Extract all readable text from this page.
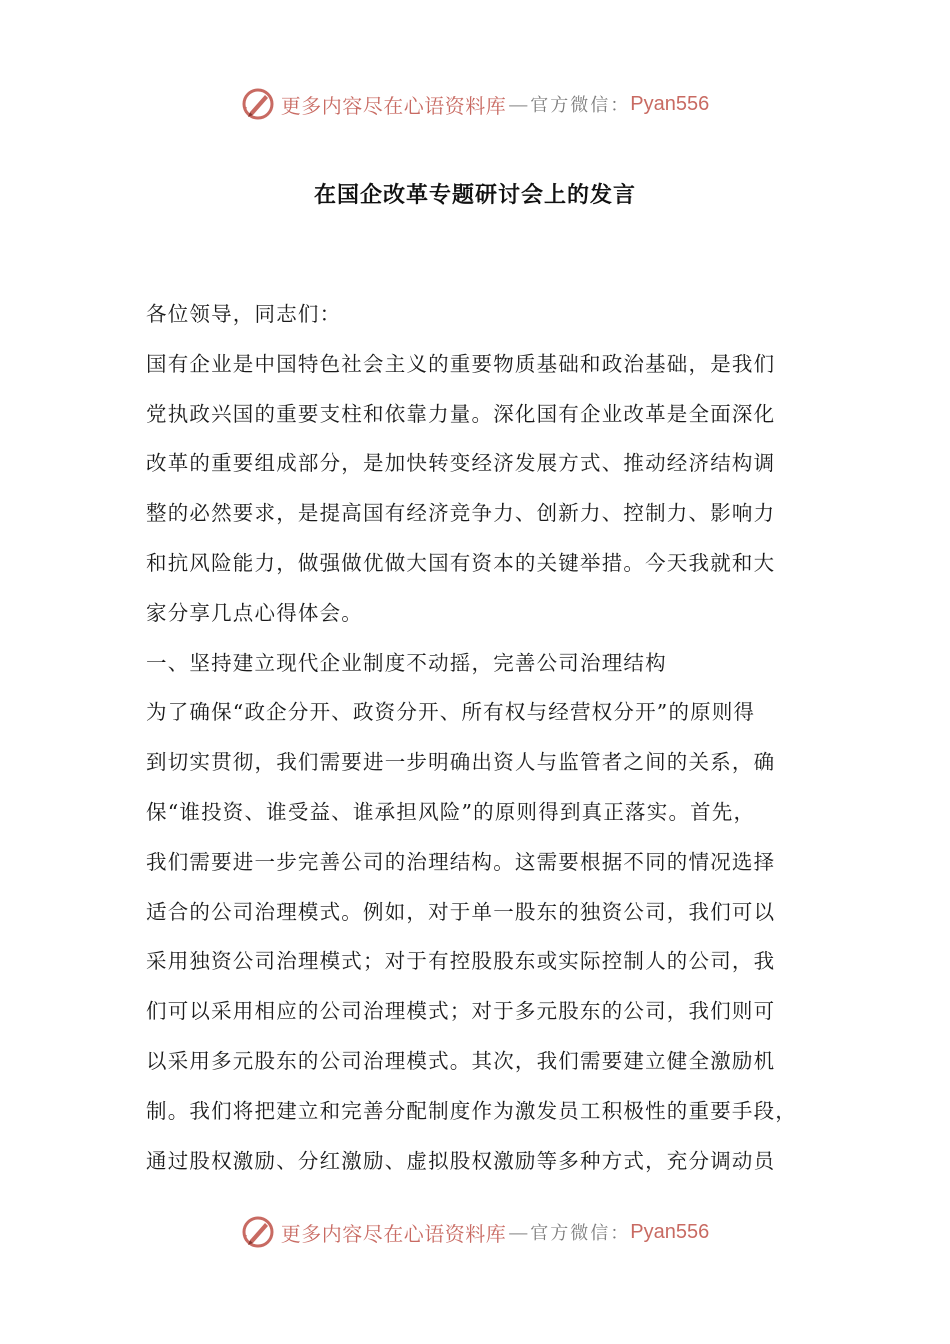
更多内容尽在心语资料库 — 官方微信： Pyan556
在国企改革专题研讨会上的发言
各位领导，同志们：
国有企业是中国特色社会主义的重要物质基础和政治基础，是我们
党执政兴国的重要支柱和依靠力量。深化国有企业改革是全面深化
改革的重要组成部分，是加快转变经济发展方式、推动经济结构调
整的必然要求，是提高国有经济竞争力、创新力、控制力、影响力
和抗风险能力，做强做优做大国有资本的关键举措。今天我就和大
家分享几点心得体会。
一、坚持建立现代企业制度不动摇，完善公司治理结构
为了确保“政企分开、政资分开、所有权与经营权分开”的原则得
到切实贯彻，我们需要进一步明确出资人与监管者之间的关系，确
保“谁投资、谁受益、谁承担风险”的原则得到真正落实。首先，
我们需要进一步完善公司的治理结构。这需要根据不同的情况选择
适合的公司治理模式。例如，对于单一股东的独资公司，我们可以
采用独资公司治理模式；对于有控股股东或实际控制人的公司，我
们可以采用相应的公司治理模式；对于多元股东的公司，我们则可
以采用多元股东的公司治理模式。其次，我们需要建立健全激励机
制。我们将把建立和完善分配制度作为激发员工积极性的重要手段，
通过股权激励、分红激励、虚拟股权激励等多种方式，充分调动员
更多内容尽在心语资料库 — 官方微信： Pyan556
